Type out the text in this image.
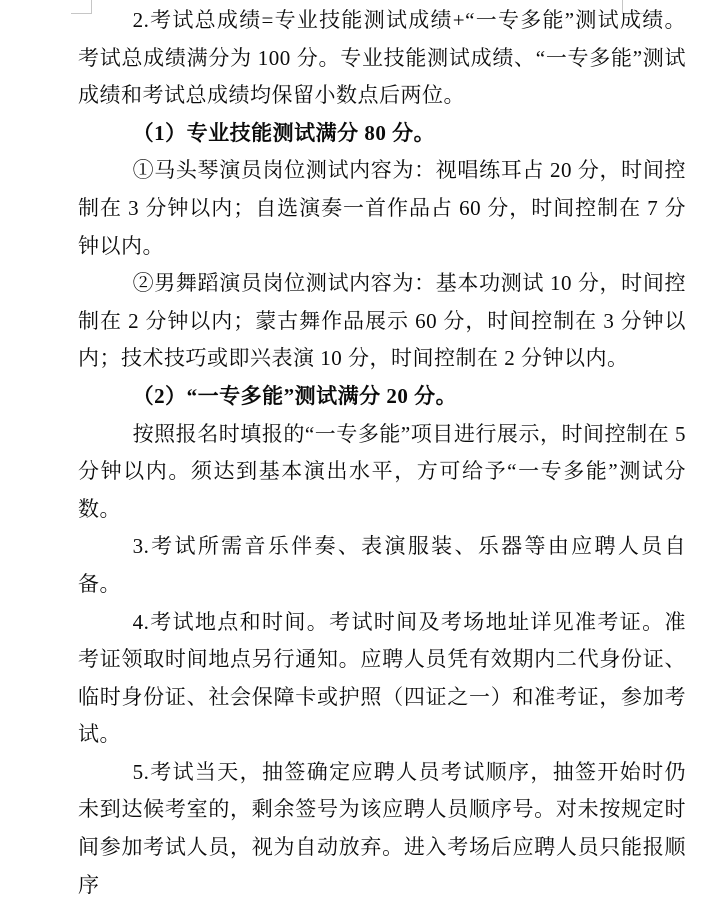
2.考试总成绩=专业技能测试成绩+“一专多能”测试成绩。考试总成绩满分为 100 分。专业技能测试成绩、“一专多能”测试成绩和考试总成绩均保留小数点后两位。

（1）专业技能测试满分 80 分。

①马头琴演员岗位测试内容为：视唱练耳占 20 分，时间控制在 3 分钟以内；自选演奏一首作品占 60 分，时间控制在 7 分钟以内。

②男舞蹈演员岗位测试内容为：基本功测试 10 分，时间控制在 2 分钟以内；蒙古舞作品展示 60 分，时间控制在 3 分钟以内；技术技巧或即兴表演 10 分，时间控制在 2 分钟以内。

（2）“一专多能”测试满分 20 分。

按照报名时填报的“一专多能”项目进行展示，时间控制在 5 分钟以内。须达到基本演出水平，方可给予“一专多能”测试分数。

3.考试所需音乐伴奏、表演服装、乐器等由应聘人员自备。

4.考试地点和时间。考试时间及考场地址详见准考证。准考证领取时间地点另行通知。应聘人员凭有效期内二代身份证、临时身份证、社会保障卡或护照（四证之一）和准考证，参加考试。

5.考试当天，抽签确定应聘人员考试顺序，抽签开始时仍未到达候考室的，剩余签号为该应聘人员顺序号。对未按规定时间参加考试人员，视为自动放弃。进入考场后应聘人员只能报顺序
